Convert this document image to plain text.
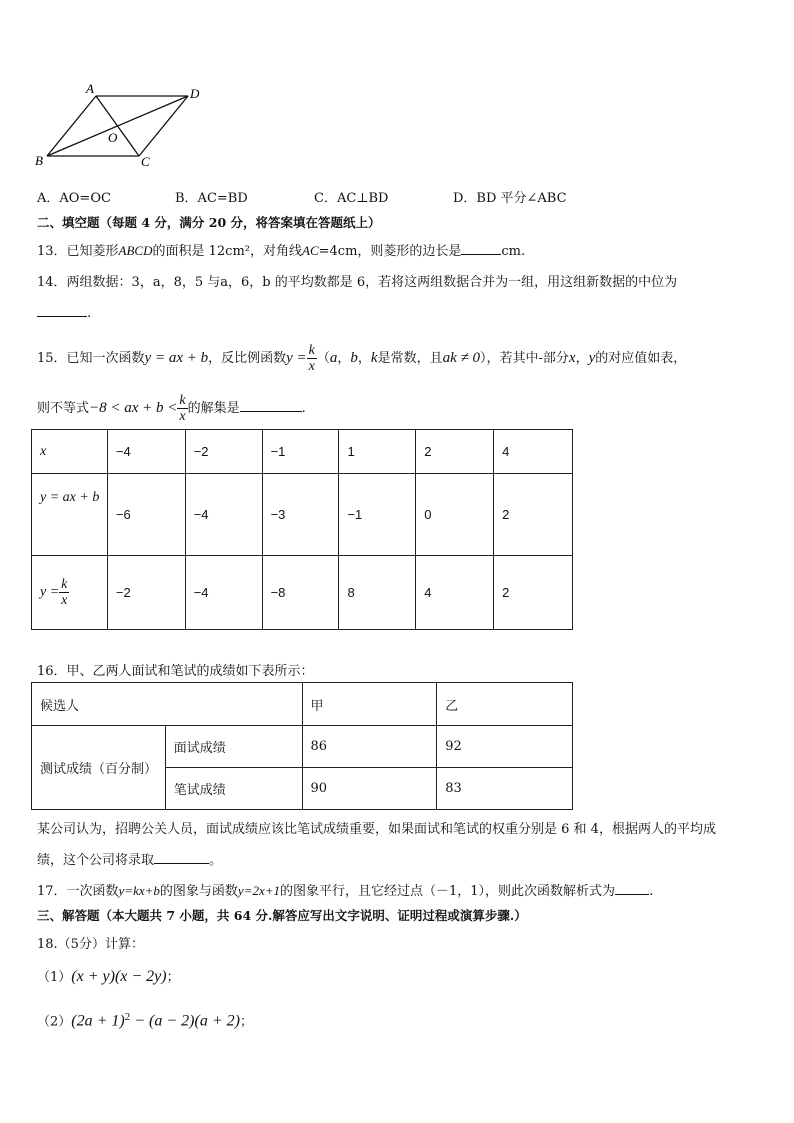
A	D
B	C
O
A．AO=OC	B．AC=BD	C．AC⊥BD	D．BD 平分∠ABC
二、填空题（每题 4 分，满分 20 分，将答案填在答题纸上）
13．已知菱形ABCD的面积是 12cm²，对角线AC=4cm，则菱形的边长是	cm.
14．两组数据：3，a，8，5 与a，6，b 的平均数都是 6，若将这两组数据合并为一组，用这组新数据的中位为
.
15．已知一次函数y = ax + b，反比例函数$y = \frac{k}{x} (a$，b，k是常数，且ak ≠ 0），若其中-部分x，y的对应值如表，
则不等式−8 < ax + $b < \frac{k}{x}$ 的解集是	.
x	−4	−2	−1	1	2	4
y = ax + b	−6	−4	−3	−1	0	2
$y = \frac{k}{x}$	−2	−4	−8	8	4	2
16．甲、乙两人面试和笔试的成绩如下表所示：
候选人		甲	乙
测试成绩（百分制）	面试成绩	86	92
	笔试成绩	90	83
某公司认为，招聘公关人员，面试成绩应该比笔试成绩重要，如果面试和笔试的权重分别是 6 和 4，根据两人的平均成
绩，这个公司将录取	。
17．一次函数y=kx+b的图象与函数y=2x+1的图象平行，且它经过点（－1，1），则此次函数解析式为	.
三、解答题（本大题共 7 小题，共 64 分.解答应写出文字说明、证明过程或演算步骤.）
18.（5分）计算：
（1）(x + y)(x − 2y)；
$(2)(2a + 1)^2 - (a - 2)(a + 2)$；
